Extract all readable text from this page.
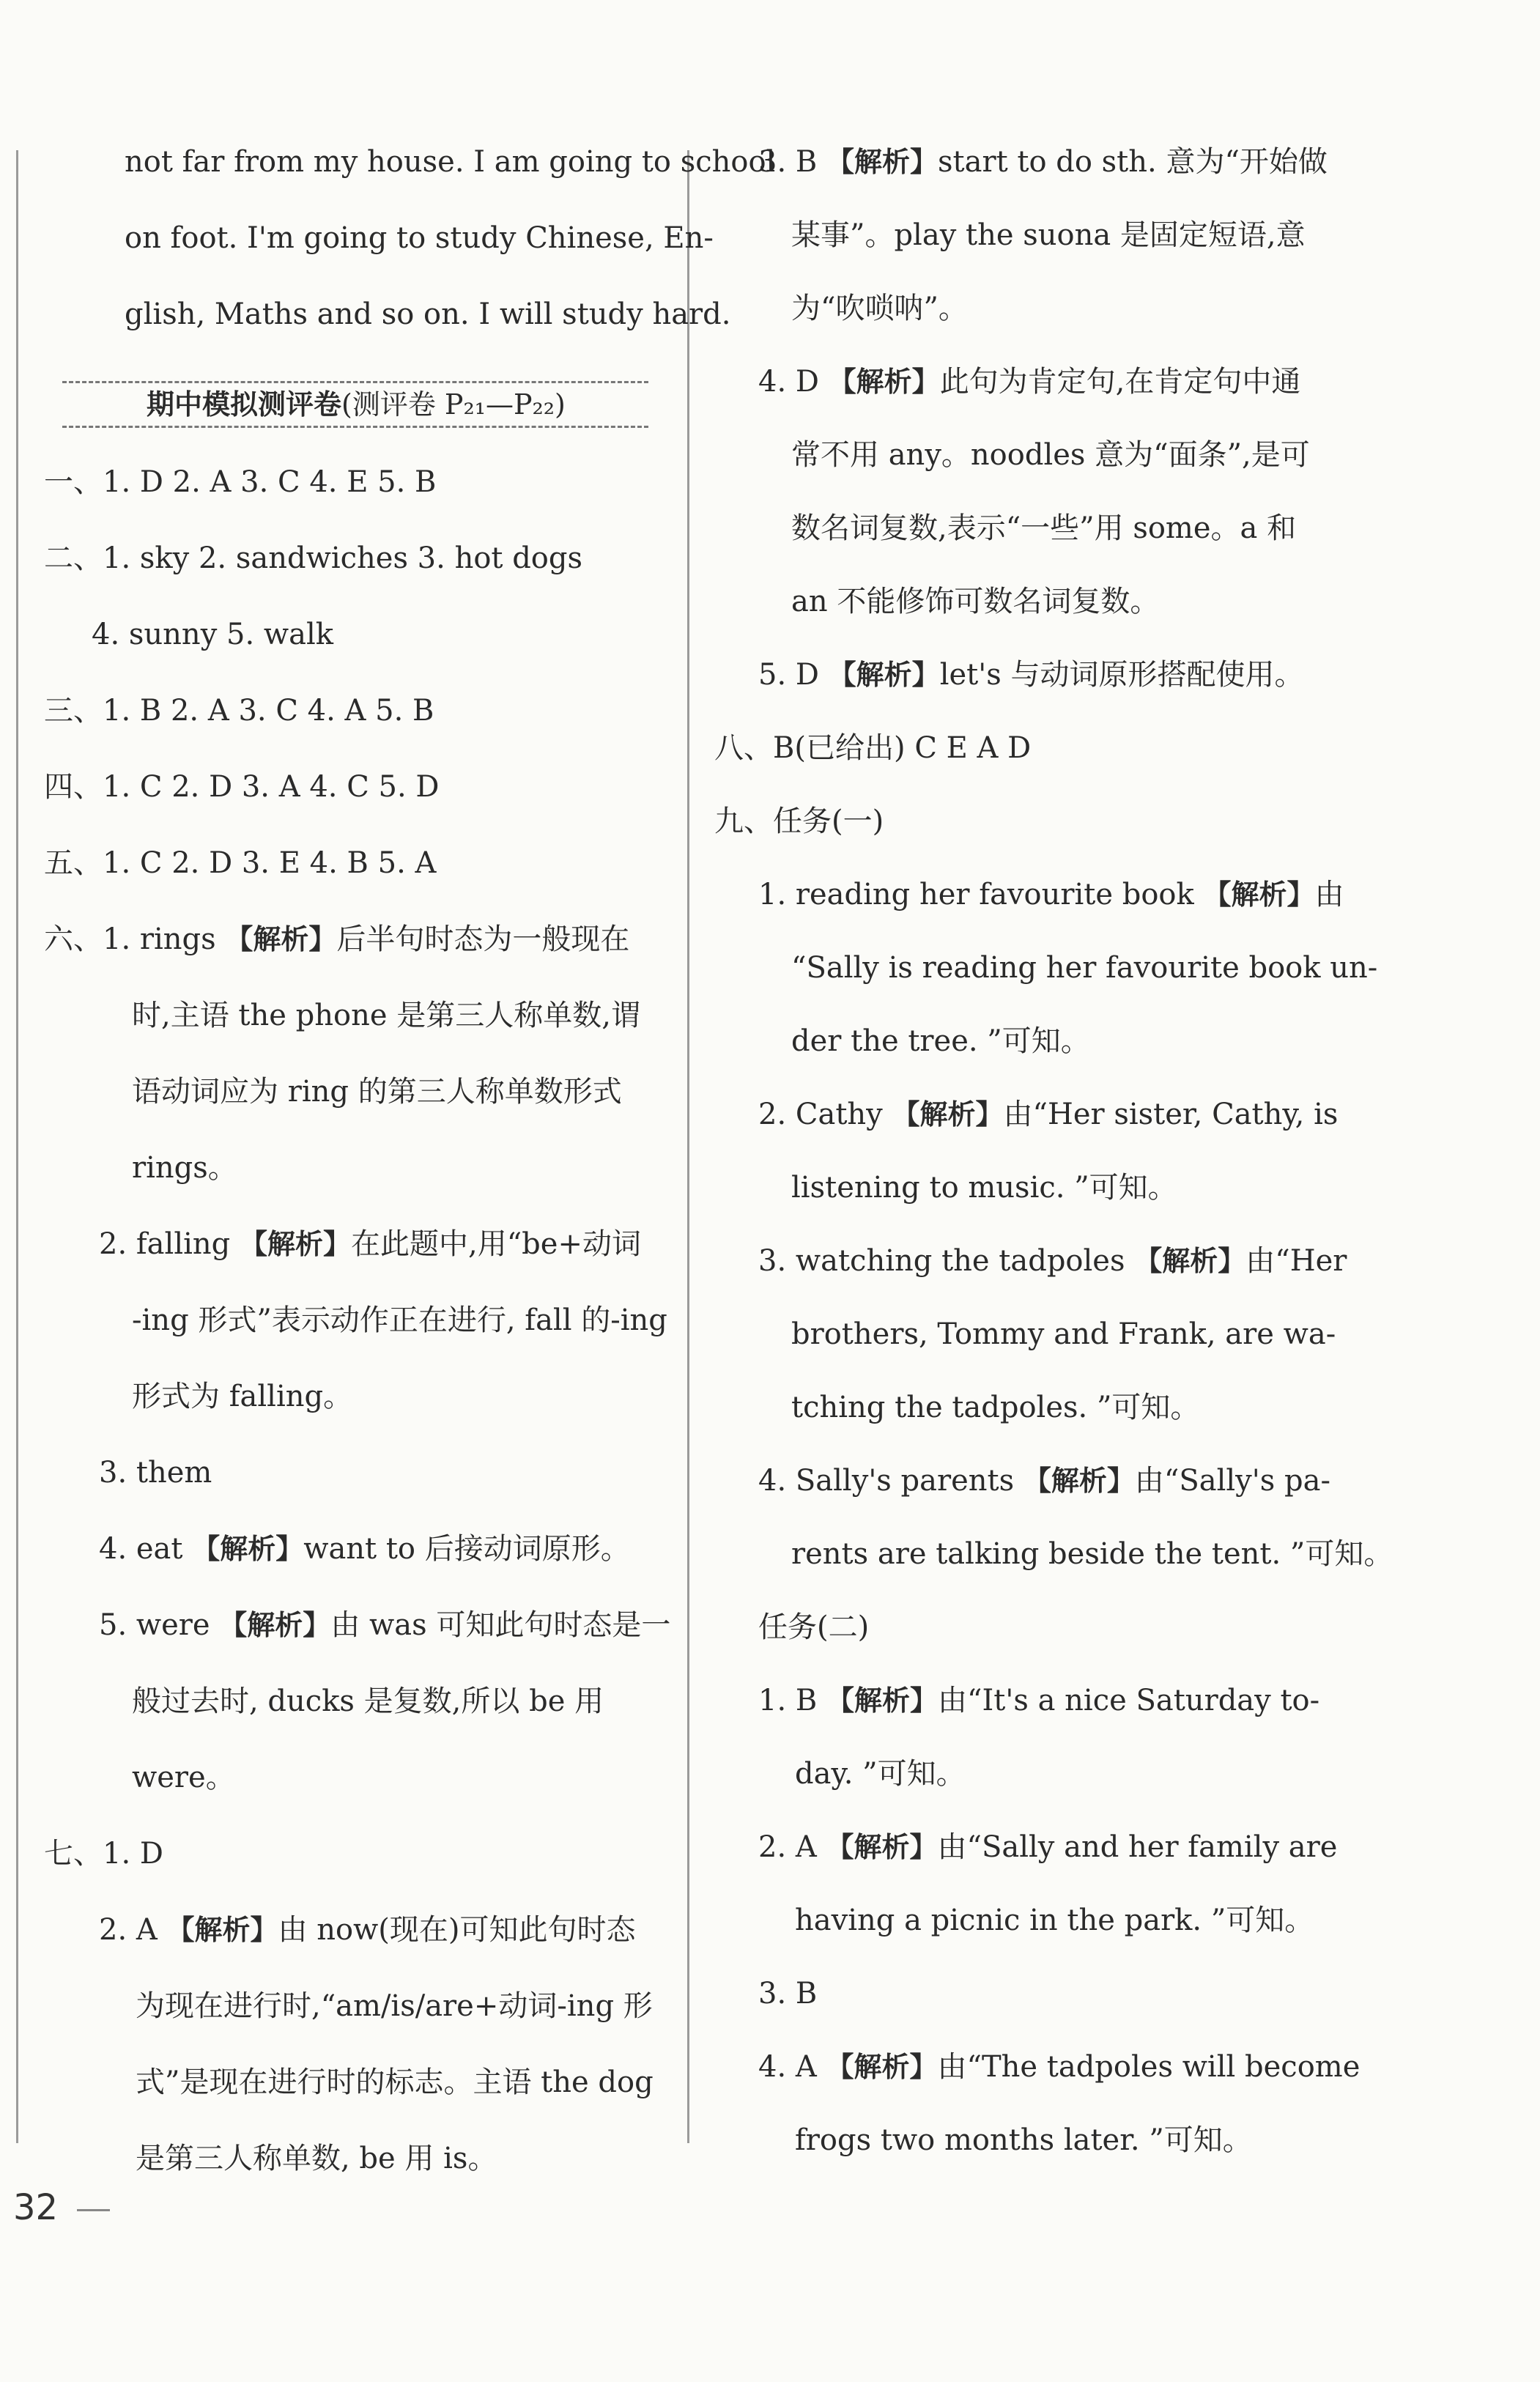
not far from my house. I am going to school
on foot. I'm going to study Chinese, En-
glish, Maths and so on. I will study hard.
期中模拟测评卷(测评卷 P₂₁—P₂₂)
一、1. D 2. A 3. C 4. E 5. B
二、1. sky 2. sandwiches 3. hot dogs
4. sunny 5. walk
三、1. B 2. A 3. C 4. A 5. B
四、1. C 2. D 3. A 4. C 5. D
五、1. C 2. D 3. E 4. B 5. A
六、1. rings 【解析】后半句时态为一般现在
时,主语 the phone 是第三人称单数,谓
语动词应为 ring 的第三人称单数形式
rings。
2. falling 【解析】在此题中,用“be+动词
-ing 形式”表示动作正在进行, fall 的-ing
形式为 falling。
3. them
4. eat 【解析】want to 后接动词原形。
5. were 【解析】由 was 可知此句时态是一
般过去时, ducks 是复数,所以 be 用
were。
七、1. D
2. A 【解析】由 now(现在)可知此句时态
为现在进行时,“am/is/are+动词-ing 形
式”是现在进行时的标志。主语 the dog
是第三人称单数, be 用 is。
3. B 【解析】start to do sth. 意为“开始做
某事”。play the suona 是固定短语,意
为“吹唢呐”。
4. D 【解析】此句为肯定句,在肯定句中通
常不用 any。noodles 意为“面条”,是可
数名词复数,表示“一些”用 some。a 和
an 不能修饰可数名词复数。
5. D 【解析】let's 与动词原形搭配使用。
八、B(已给出) C E A D
九、任务(一)
1. reading her favourite book 【解析】由
“Sally is reading her favourite book un-
der the tree. ”可知。
2. Cathy 【解析】由“Her sister, Cathy, is
listening to music. ”可知。
3. watching the tadpoles 【解析】由“Her
brothers, Tommy and Frank, are wa-
tching the tadpoles. ”可知。
4. Sally's parents 【解析】由“Sally's pa-
rents are talking beside the tent. ”可知。
任务(二)
1. B 【解析】由“It's a nice Saturday to-
day. ”可知。
2. A 【解析】由“Sally and her family are
having a picnic in the park. ”可知。
3. B
4. A 【解析】由“The tadpoles will become
frogs two months later. ”可知。
32
